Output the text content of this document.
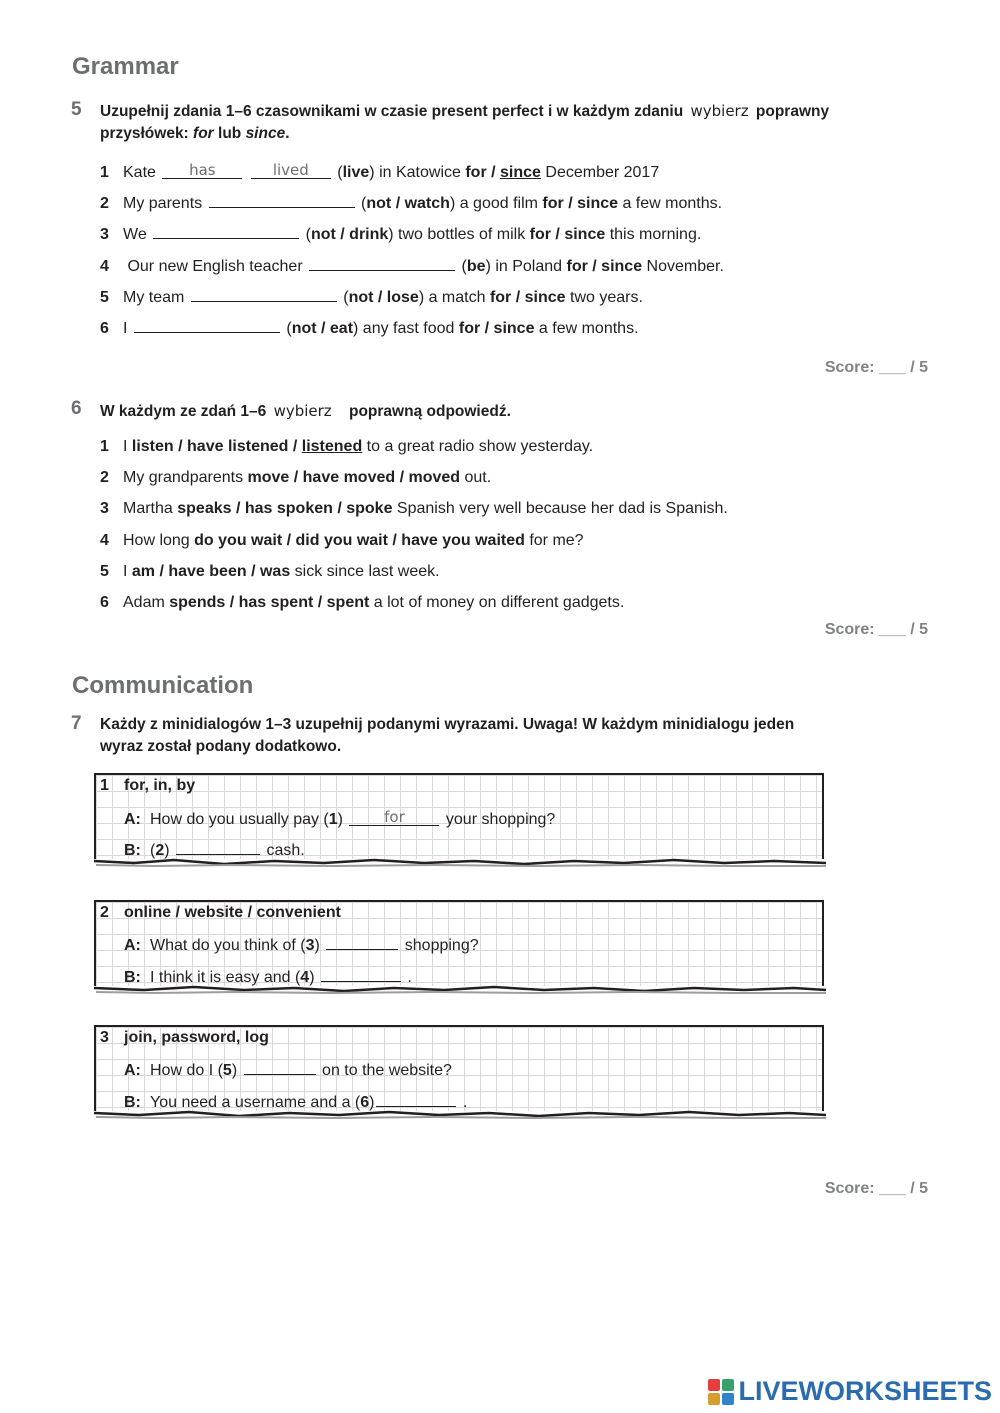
Grammar
5 Uzupełnij zdania 1–6 czasownikami w czasie present perfect i w każdym zdaniu wybierz poprawny
przysłówek: for lub since.
1 Kate has	lived (live) in Katowice for / since December 2017
2 My parents	(not / watch) a good film for / since a few months.
3 We	(not / drink) two bottles of milk for / since this morning.
4 Our new English teacher	(be) in Poland for / since November.
5 My team	(not / lose) a match for / since two years.
6 I	(not / eat) any fast food for / since a few months.
Score: ___ / 5
6 W każdym ze zdań 1–6 wybierz poprawną odpowiedź.
1 I listen / have listened / listened to a great radio show yesterday.
2 My grandparents move / have moved / moved out.
3 Martha speaks / has spoken / spoke Spanish very well because her dad is Spanish.
4 How long do you wait / did you wait / have you waited for me?
5 I am / have been / was sick since last week.
6 Adam spends / has spent / spent a lot of money on different gadgets.
Score: ___ / 5
Communication
7 Każdy z minidialogów 1–3 uzupełnij podanymi wyrazami. Uwaga! W każdym minidialogu jeden
wyraz został podany dodatkowo.
1 for, in, by
A: How do you usually pay (1)	for your shopping?
B: (2)	cash.
2 online / website / convenient
A: What do you think of (3)	shopping?
B: I think it is easy and (4)	.
3 join, password, log
A: How do I (5)	on to the website?
B: You need a username and a (6)	.
Score: ___ / 5
LIVEWORKSHEETS
